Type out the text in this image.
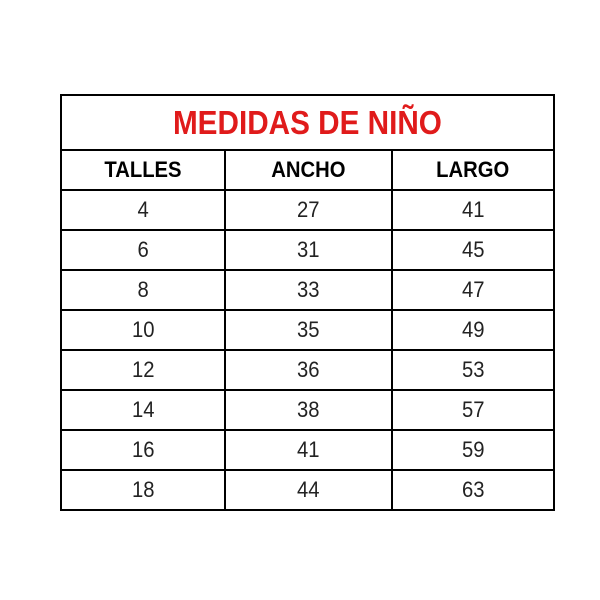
MEDIDAS DE NIÑO		
TALLES	ANCHO	LARGO
4	27	41
6	31	45
8	33	47
10	35	49
12	36	53
14	38	57
16	41	59
18	44	63
